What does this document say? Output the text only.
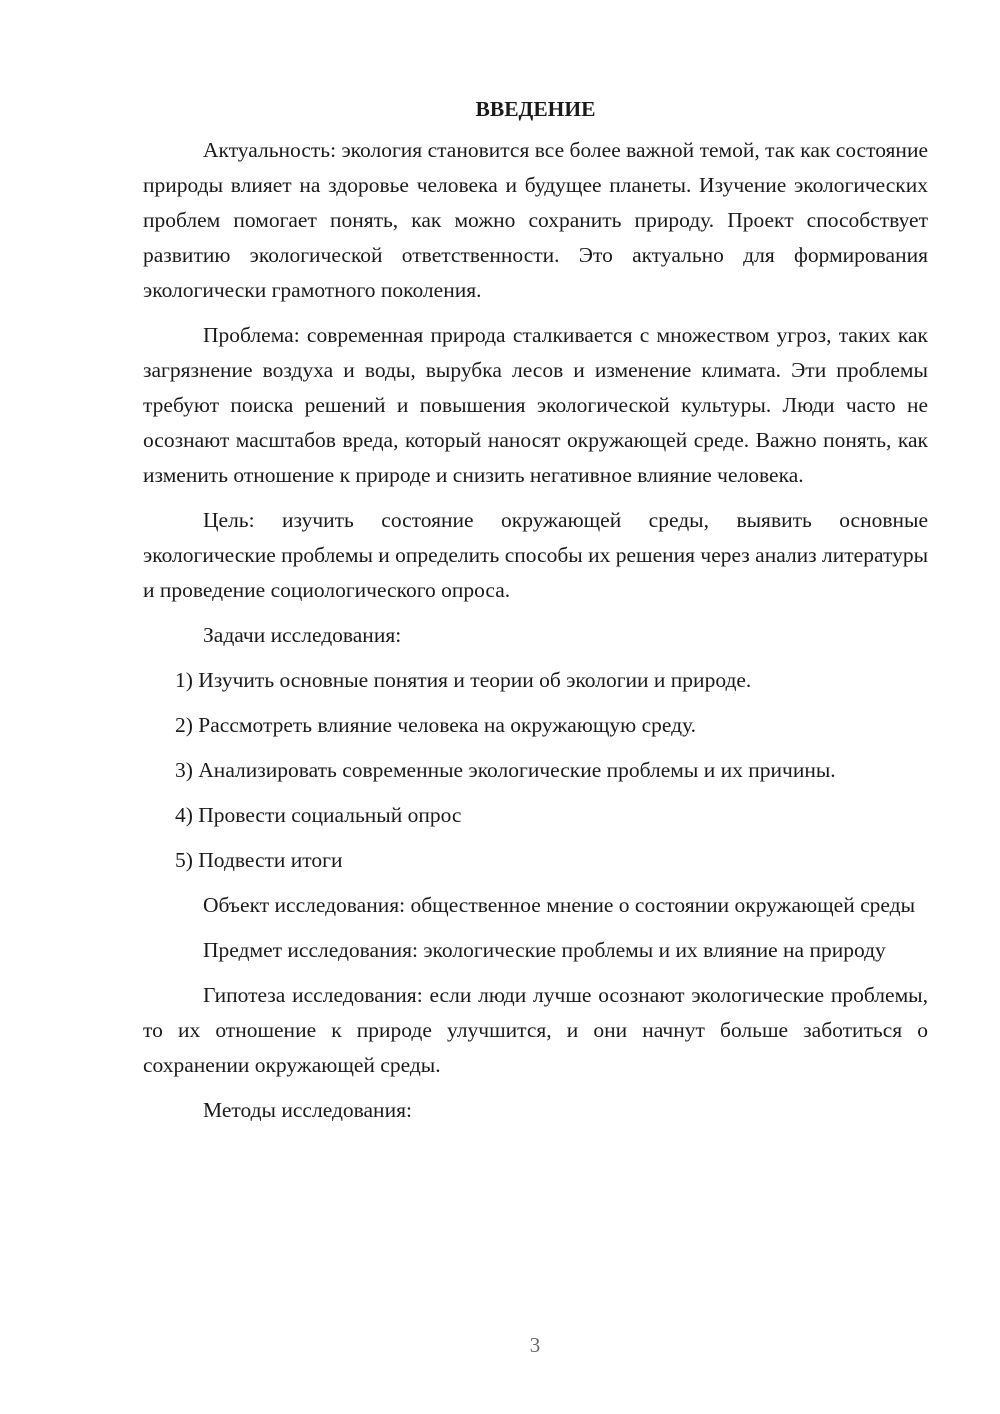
ВВЕДЕНИЕ

Актуальность: экология становится все более важной темой, так как состояние природы влияет на здоровье человека и будущее планеты. Изучение экологических проблем помогает понять, как можно сохранить природу. Проект способствует развитию экологической ответственности. Это актуально для формирования экологически грамотного поколения.

Проблема: современная природа сталкивается с множеством угроз, таких как загрязнение воздуха и воды, вырубка лесов и изменение климата. Эти проблемы требуют поиска решений и повышения экологической культуры. Люди часто не осознают масштабов вреда, который наносят окружающей среде. Важно понять, как изменить отношение к природе и снизить негативное влияние человека.

Цель: изучить состояние окружающей среды, выявить основные экологические проблемы и определить способы их решения через анализ литературы и проведение социологического опроса.

Задачи исследования:

1) Изучить основные понятия и теории об экологии и природе.

2) Рассмотреть влияние человека на окружающую среду.

3) Анализировать современные экологические проблемы и их причины.

4) Провести социальный опрос

5) Подвести итоги

Объект исследования: общественное мнение о состоянии окружающей среды

Предмет исследования: экологические проблемы и их влияние на природу

Гипотеза исследования: если люди лучше осознают экологические проблемы, то их отношение к природе улучшится, и они начнут больше заботиться о сохранении окружающей среды.

Методы исследования:

3
